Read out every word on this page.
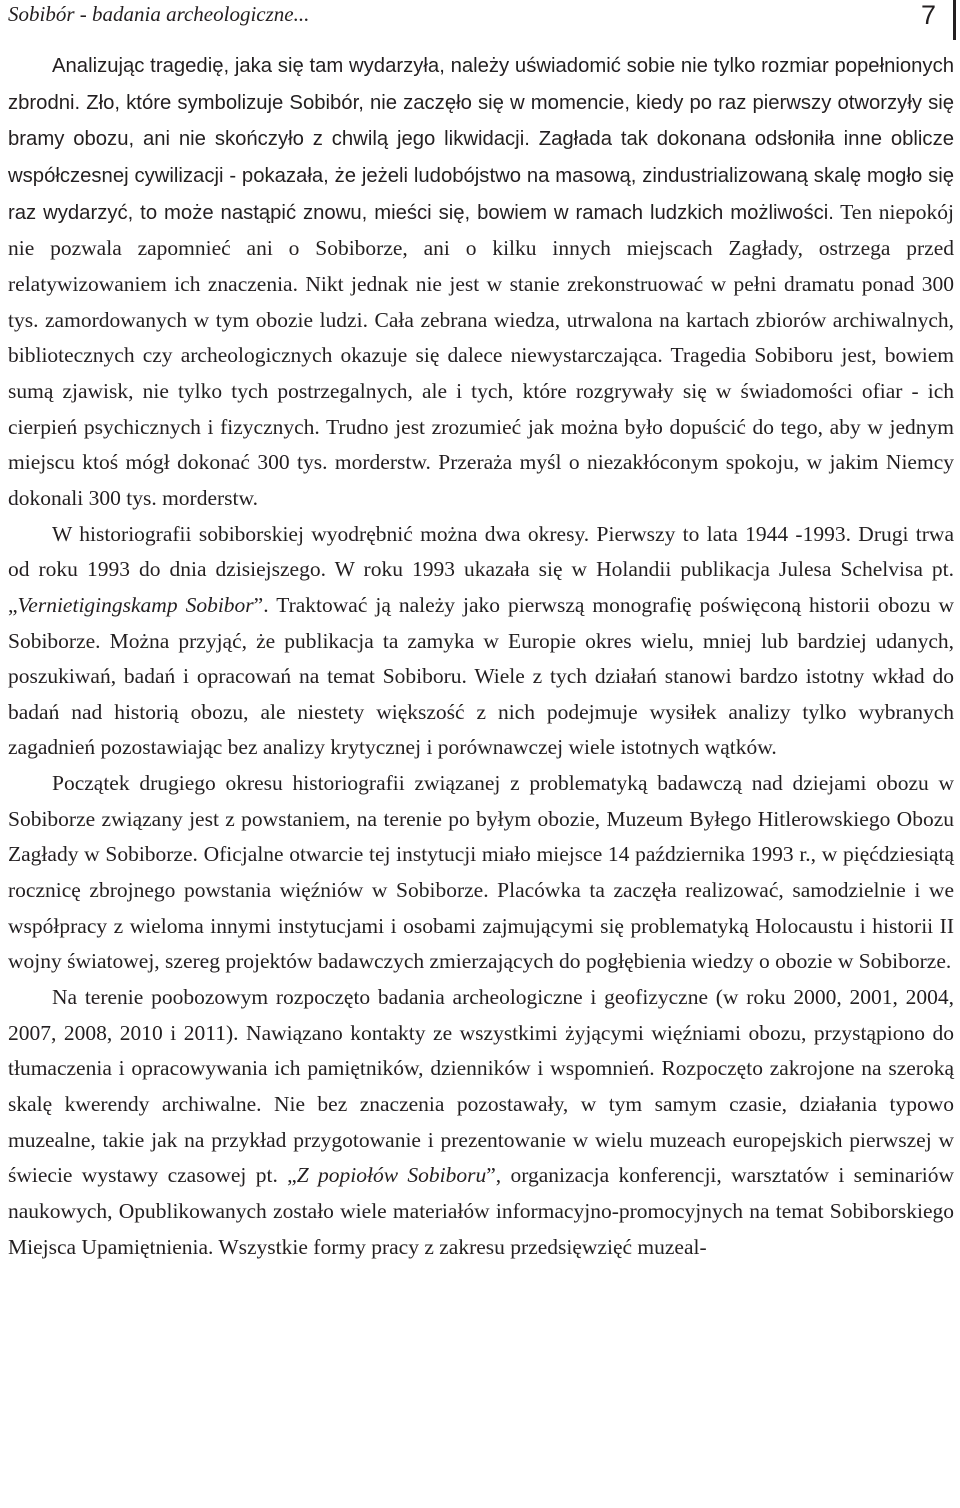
Sobibór - badania archeologiczne...	7

Analizując tragedię, jaka się tam wydarzyła, należy uświadomić sobie nie tylko rozmiar popełnionych zbrodni. Zło, które symbolizuje Sobibór, nie zaczęło się w momencie, kiedy po raz pierwszy otworzyły się bramy obozu, ani nie skończyło z chwilą jego likwidacji. Zagłada tak dokonana odsłoniła inne oblicze współczesnej cywilizacji - pokazała, że jeżeli ludobójstwo na masową, zindustrializowaną skalę mogło się raz wydarzyć, to może nastąpić znowu, mieści się, bowiem w ramach ludzkich możliwości. Ten niepokój nie pozwala zapomnieć ani o Sobiborze, ani o kilku innych miejscach Zagłady, ostrzega przed relatywizowaniem ich znaczenia. Nikt jednak nie jest w stanie zrekonstruować w pełni dramatu ponad 300 tys. zamordowanych w tym obozie ludzi. Cała zebrana wiedza, utrwalona na kartach zbiorów archiwalnych, bibliotecznych czy archeologicznych okazuje się dalece niewystarczająca. Tragedia Sobiboru jest, bowiem sumą zjawisk, nie tylko tych postrzegalnych, ale i tych, które rozgrywały się w świadomości ofiar - ich cierpień psychicznych i fizycznych. Trudno jest zrozumieć jak można było dopuścić do tego, aby w jednym miejscu ktoś mógł dokonać 300 tys. morderstw. Przeraża myśl o niezakłóconym spokoju, w jakim Niemcy dokonali 300 tys. morderstw.

W historiografii sobiborskiej wyodrębnić można dwa okresy. Pierwszy to lata 1944 -1993. Drugi trwa od roku 1993 do dnia dzisiejszego. W roku 1993 ukazała się w Holandii publikacja Julesa Schelvisa pt. „Vernietigingskamp Sobibor”. Traktować ją należy jako pierwszą monografię poświęconą historii obozu w Sobiborze. Można przyjąć, że publikacja ta zamyka w Europie okres wielu, mniej lub bardziej udanych, poszukiwań, badań i opracowań na temat Sobiboru. Wiele z tych działań stanowi bardzo istotny wkład do badań nad historią obozu, ale niestety większość z nich podejmuje wysiłek analizy tylko wybranych zagadnień pozostawiając bez analizy krytycznej i porównawczej wiele istotnych wątków.

Początek drugiego okresu historiografii związanej z problematyką badawczą nad dziejami obozu w Sobiborze związany jest z powstaniem, na terenie po byłym obozie, Muzeum Byłego Hitlerowskiego Obozu Zagłady w Sobiborze. Oficjalne otwarcie tej instytucji miało miejsce 14 października 1993 r., w pięćdziesiątą rocznicę zbrojnego powstania więźniów w Sobiborze. Placówka ta zaczęła realizować, samodzielnie i we współpracy z wieloma innymi instytucjami i osobami zajmującymi się problematyką Holocaustu i historii II wojny światowej, szereg projektów badawczych zmierzających do pogłębienia wiedzy o obozie w Sobiborze.

Na terenie poobozowym rozpoczęto badania archeologiczne i geofizyczne (w roku 2000, 2001, 2004, 2007, 2008, 2010 i 2011). Nawiązano kontakty ze wszystkimi żyjącymi więźniami obozu, przystąpiono do tłumaczenia i opracowywania ich pamiętników, dzienników i wspomnień. Rozpoczęto zakrojone na szeroką skalę kwerendy archiwalne. Nie bez znaczenia pozostawały, w tym samym czasie, działania typowo muzealne, takie jak na przykład przygotowanie i prezentowanie w wielu muzeach europejskich pierwszej w świecie wystawy czasowej pt. „Z popiołów Sobiboru”, organizacja konferencji, warsztatów i seminariów naukowych, Opublikowanych zostało wiele materiałów informacyjno-promocyjnych na temat Sobiborskiego Miejsca Upamiętnienia. Wszystkie formy pracy z zakresu przedsięwzięć muzeal-
